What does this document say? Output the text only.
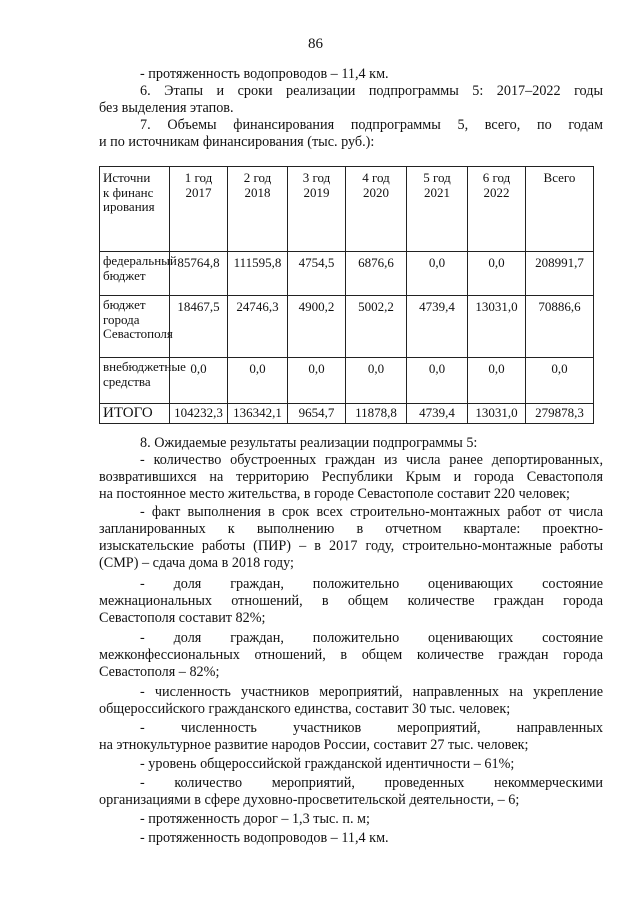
86
- протяженность водопроводов – 11,4 км.
6. Этапы и сроки реализации подпрограммы 5: 2017–2022 годы
без выделения этапов.
7. Объемы финансирования подпрограммы 5, всего, по годам
и по источникам финансирования (тыс. руб.):
Источник финансирования	1 год 2017	2 год 2018	3 год 2019	4 год 2020	5 год 2021	6 год 2022	Всего
федеральный бюджет	85764,8	111595,8	4754,5	6876,6	0,0	0,0	208991,7
бюджет города Севастополя	18467,5	24746,3	4900,2	5002,2	4739,4	13031,0	70886,6
внебюджетные средства	0,0	0,0	0,0	0,0	0,0	0,0	0,0
ИТОГО	104232,3	136342,1	9654,7	11878,8	4739,4	13031,0	279878,3
8. Ожидаемые результаты реализации подпрограммы 5:
- количество обустроенных граждан из числа ранее депортированных,
возвратившихся на территорию Республики Крым и города Севастополя
на постоянное место жительства, в городе Севастополе составит 220 человек;
- факт выполнения в срок всех строительно-монтажных работ от числа
запланированных к выполнению в отчетном квартале: проектно-
изыскательские работы (ПИР) – в 2017 году, строительно-монтажные работы
(СМР) – сдача дома в 2018 году;
- доля граждан, положительно оценивающих состояние
межнациональных отношений, в общем количестве граждан города
Севастополя составит 82%;
- доля граждан, положительно оценивающих состояние
межконфессиональных отношений, в общем количестве граждан города
Севастополя – 82%;
- численность участников мероприятий, направленных на укрепление
общероссийского гражданского единства, составит 30 тыс. человек;
- численность участников мероприятий, направленных
на этнокультурное развитие народов России, составит 27 тыс. человек;
- уровень общероссийской гражданской идентичности – 61%;
- количество мероприятий, проведенных некоммерческими
организациями в сфере духовно-просветительской деятельности, – 6;
- протяженность дорог – 1,3 тыс. п. м;
- протяженность водопроводов – 11,4 км.
